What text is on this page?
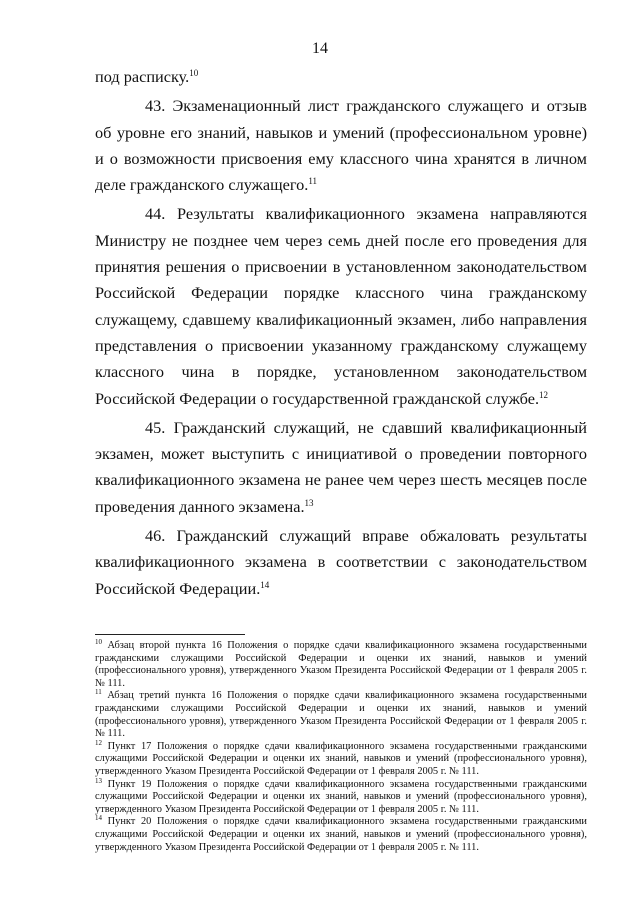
14

под расписку.$^{10}$

43. Экзаменационный лист гражданского служащего и отзыв об уровне его знаний, навыков и умений (профессиональном уровне) и о возможности присвоения ему классного чина хранятся в личном деле гражданского служащего.$^{11}$

44. Результаты квалификационного экзамена направляются Министру не позднее чем через семь дней после его проведения для принятия решения о присвоении в установленном законодательством Российской Федерации порядке классного чина гражданскому служащему, сдавшему квалификационный экзамен, либо направления представления о присвоении указанному гражданскому служащему классного чина в порядке, установленном законодательством Российской Федерации о государственной гражданской службе.$^{12}$

45. Гражданский служащий, не сдавший квалификационный экзамен, может выступить с инициативой о проведении повторного квалификационного экзамена не ранее чем через шесть месяцев после проведения данного экзамена.$^{13}$

46. Гражданский служащий вправе обжаловать результаты квалификационного экзамена в соответствии с законодательством Российской Федерации.$^{14}$

$^{10}$ Абзац второй пункта 16 Положения о порядке сдачи квалификационного экзамена государственными гражданскими служащими Российской Федерации и оценки их знаний, навыков и умений (профессионального уровня), утвержденного Указом Президента Российской Федерации от 1 февраля 2005 г. № 111.

$^{11}$ Абзац третий пункта 16 Положения о порядке сдачи квалификационного экзамена государственными гражданскими служащими Российской Федерации и оценки их знаний, навыков и умений (профессионального уровня), утвержденного Указом Президента Российской Федерации от 1 февраля 2005 г. № 111.

$^{12}$ Пункт 17 Положения о порядке сдачи квалификационного экзамена государственными гражданскими служащими Российской Федерации и оценки их знаний, навыков и умений (профессионального уровня), утвержденного Указом Президента Российской Федерации от 1 февраля 2005 г. № 111.

$^{13}$ Пункт 19 Положения о порядке сдачи квалификационного экзамена государственными гражданскими служащими Российской Федерации и оценки их знаний, навыков и умений (профессионального уровня), утвержденного Указом Президента Российской Федерации от 1 февраля 2005 г. № 111.

$^{14}$ Пункт 20 Положения о порядке сдачи квалификационного экзамена государственными гражданскими служащими Российской Федерации и оценки их знаний, навыков и умений (профессионального уровня), утвержденного Указом Президента Российской Федерации от 1 февраля 2005 г. № 111.
